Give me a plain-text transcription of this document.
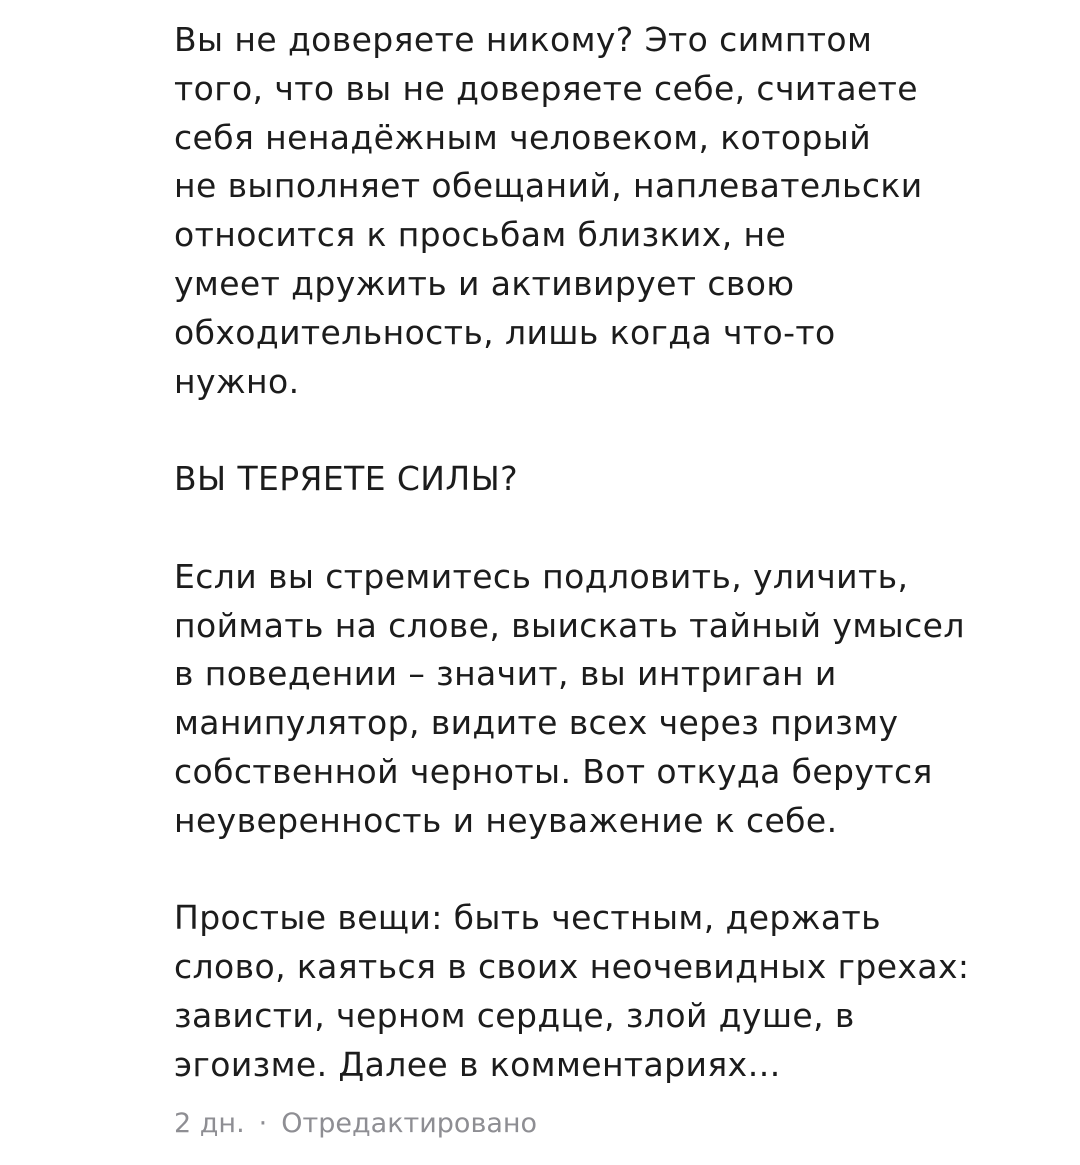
Вы не доверяете никому? Это симптом
того, что вы не доверяете себе, считаете
себя ненадёжным человеком, который
не выполняет обещаний, наплевательски
относится к просьбам близких, не
умеет дружить и активирует свою
обходительность, лишь когда что-то
нужно.

ВЫ ТЕРЯЕТЕ СИЛЫ?

Если вы стремитесь подловить, уличить,
поймать на слове, выискать тайный умысел
в поведении – значит, вы интриган и
манипулятор, видите всех через призму
собственной черноты. Вот откуда берутся
неуверенность и неуважение к себе.

Простые вещи: быть честным, держать
слово, каяться в своих неочевидных грехах:
зависти, черном сердце, злой душе, в
эгоизме. Далее в комментариях…

2 дн. · Отредактировано
